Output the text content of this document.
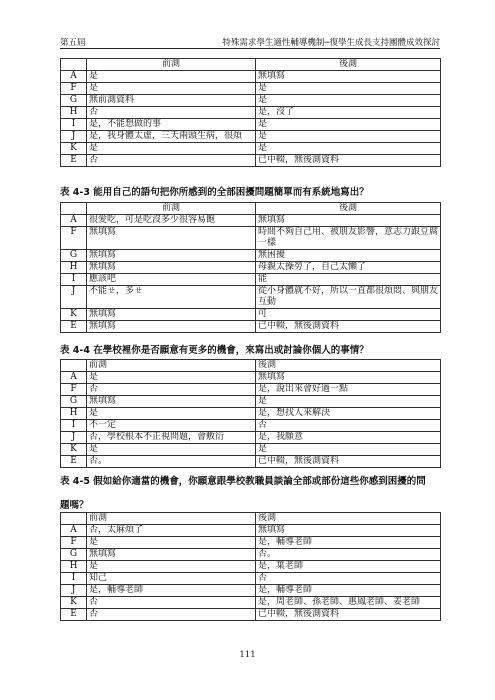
第五屆	特殊需求學生適性輔導機制─復學生成長支持團體成效探討
	前測	後測
A	是	無填寫
F	是	是
G	無前測資料	是
H	否	是，沒了
I	是，不能想做的事	是
J	是，我身體太虛，三天兩頭生病，很煩	是
K	是	是
E	否	已中輟，無後測資料
表 4-3 能用自己的語句把你所感到的全部困擾問題簡單而有系統地寫出？
	前測	後測
A	很愛吃，可是吃沒多少很容易飽	無填寫
F	無填寫	時間不夠自己用、被朋友影響，意志力跟豆腐一樣
G	無填寫	無困擾
H	無填寫	母親太操勞了，自己太懶了
I	應該吧	能
J	不能ㄝ，多ㄝ	從小身體就不好，所以一直都很煩悶、與朋友互動
K	無填寫	可
E	無填寫	已中輟，無後測資料
表 4-4 在學校裡你是否願意有更多的機會，來寫出或討論你個人的事情？
	前測	後測
A	是	無填寫
F	否	是，說出來會好過一點
G	無填寫	是
H	是	是，想找人來解決
I	不一定	否
J	否，學校根本不正視問題，會敷衍	是，我願意
K	是	是
E	否。	已中輟，無後測資料
表 4-5 假如給你適當的機會，你願意跟學校教職員談論全部或部份這些你感到困擾的問
題嗎？
	前測	後測
A	否，太麻煩了	無填寫
F	是	是，輔導老師
G	無填寫	否。
H	是	是，葉老師
I	知己	否
J	是，輔導老師	是，輔導老師
K	否	是，周老師、孫老師、惠鳳老師、姜老師
E	否	已中輟，無後測資料
111
